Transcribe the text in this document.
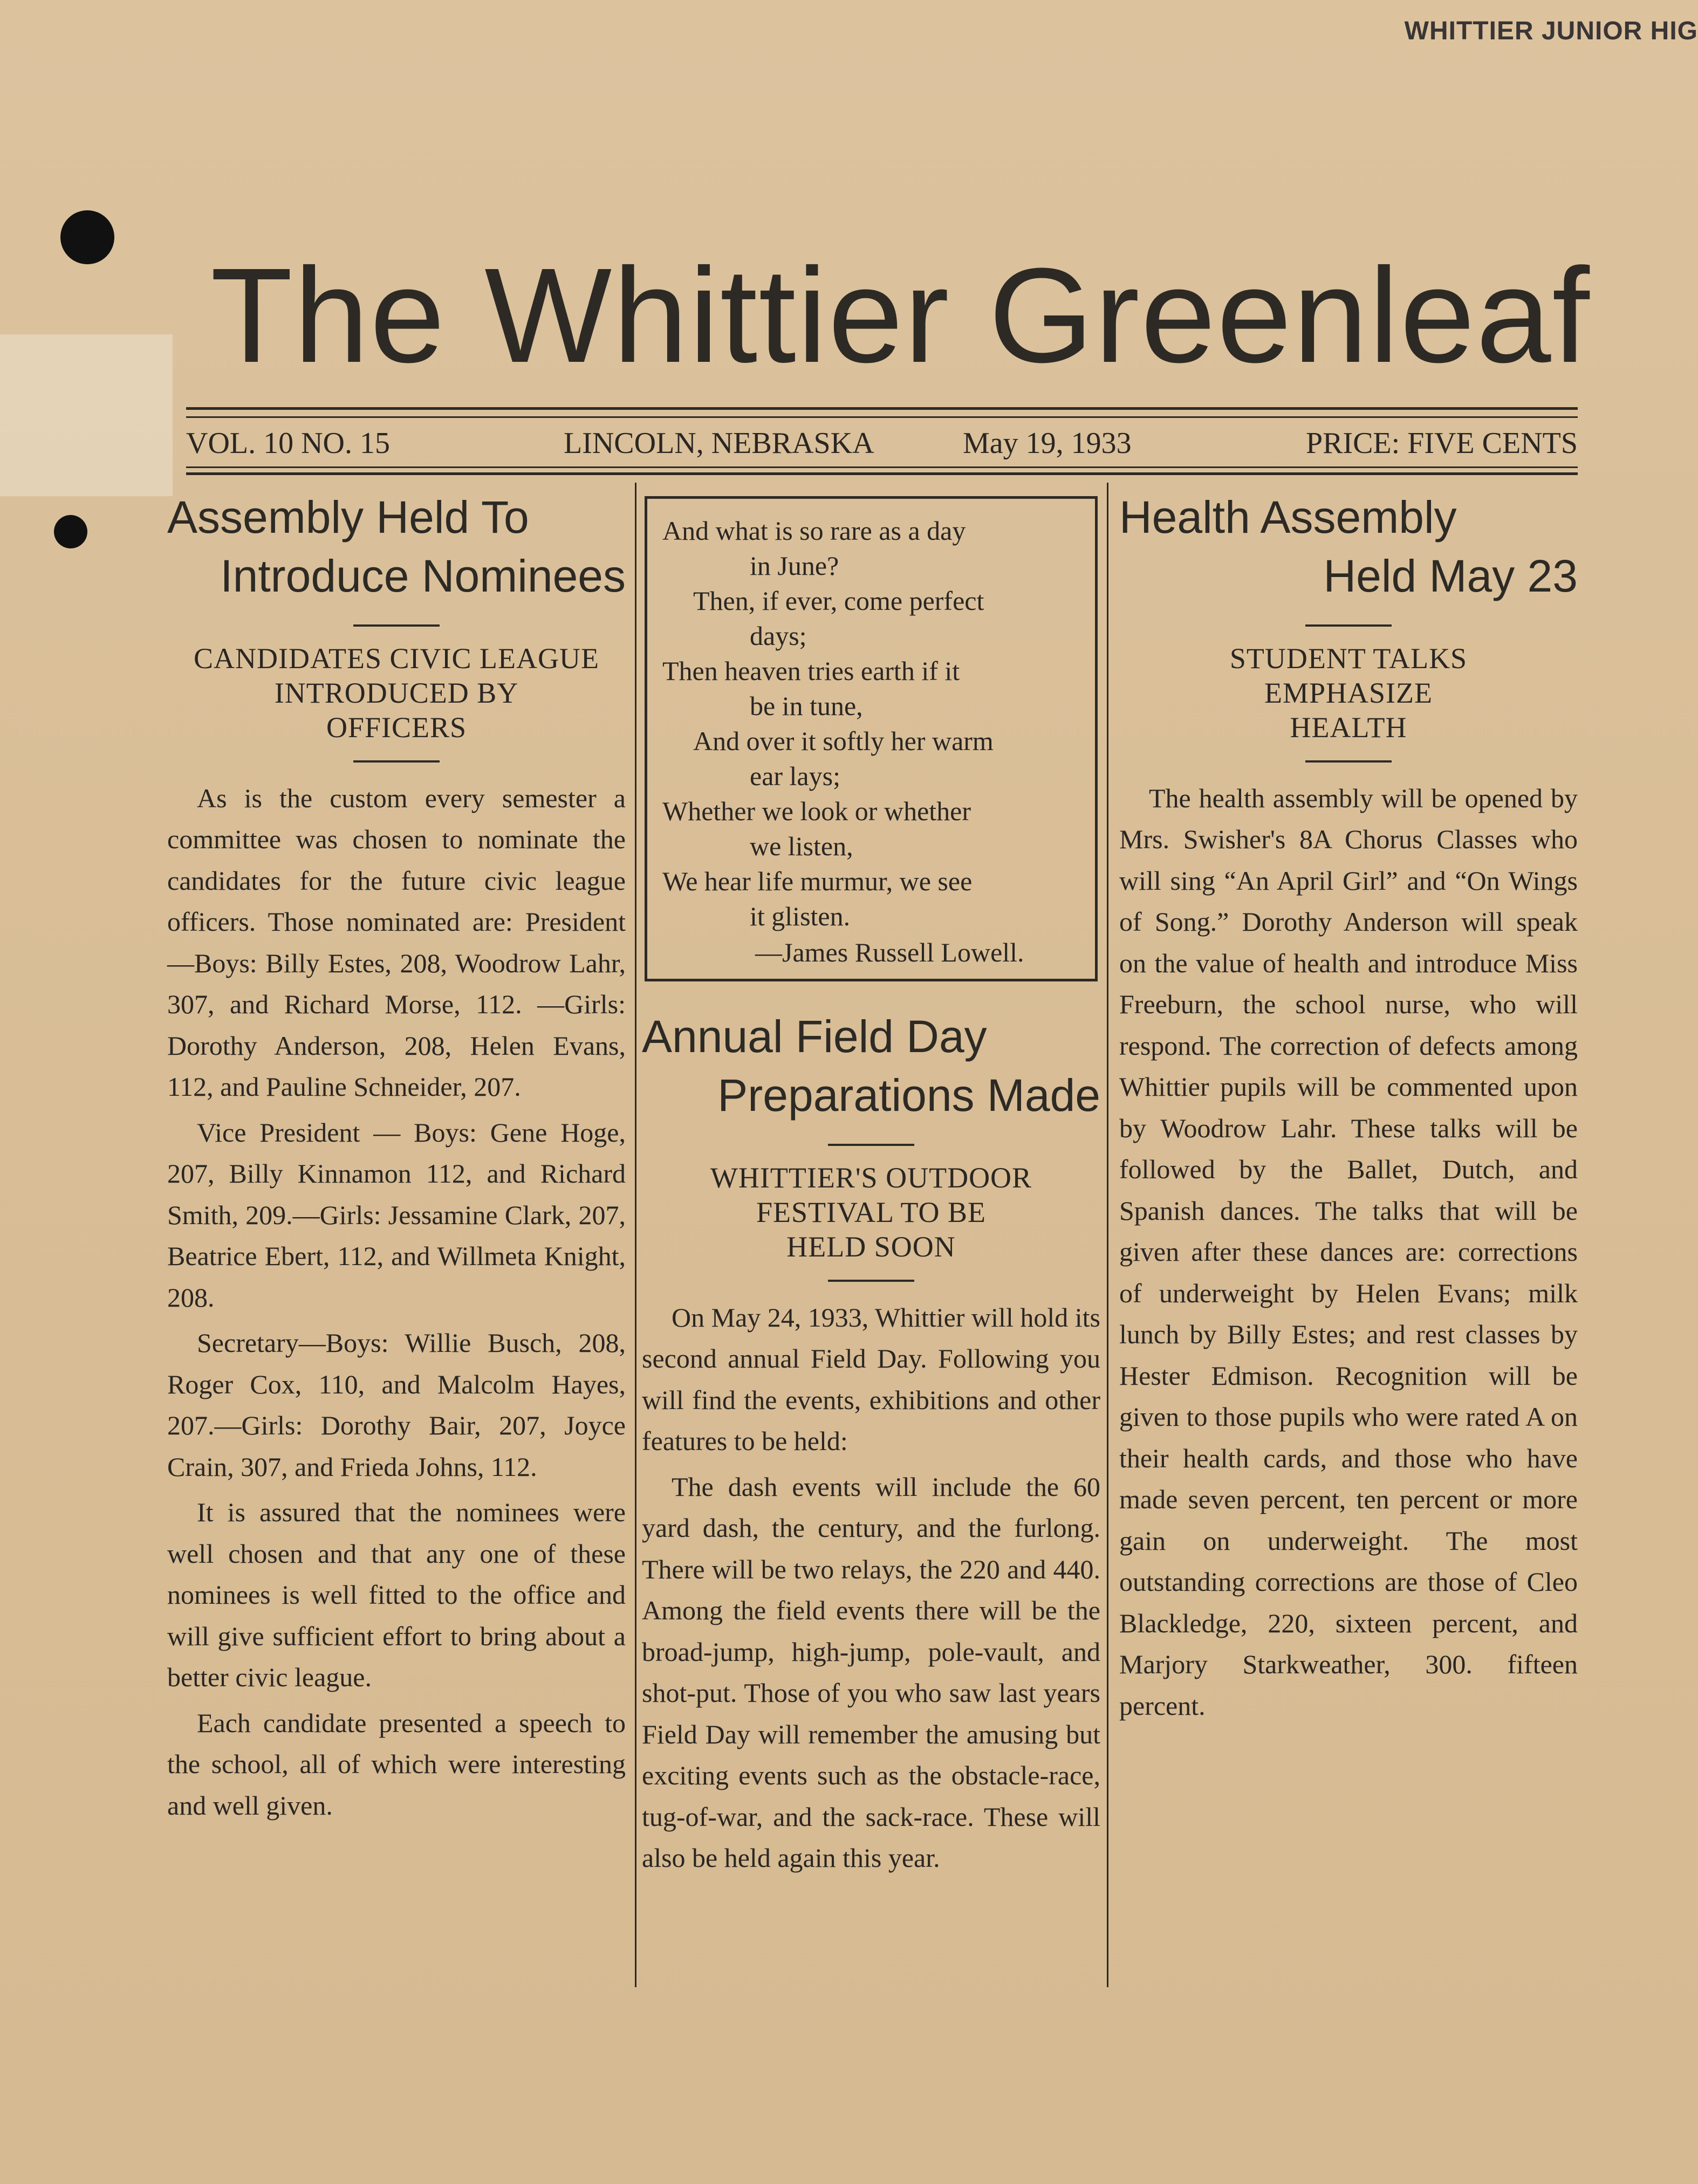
WHITTIER JUNIOR HIG
The Whittier Greenleaf
VOL. 10 NO. 15	LINCOLN, NEBRASKA	May 19, 1933	PRICE: FIVE CENTS
Assembly Held To
Introduce Nominees
CANDIDATES CIVIC LEAGUE
INTRODUCED BY
OFFICERS

As is the custom every semester a committee was chosen to nominate the candidates for the future civic league officers. Those nominated are: President—Boys: Billy Estes, 208, Woodrow Lahr, 307, and Richard Morse, 112. —Girls: Dorothy Anderson, 208, Helen Evans, 112, and Pauline Schneider, 207.

Vice President — Boys: Gene Hoge, 207, Billy Kinnamon 112, and Richard Smith, 209.—Girls: Jessamine Clark, 207, Beatrice Ebert, 112, and Willmeta Knight, 208.

Secretary—Boys: Willie Busch, 208, Roger Cox, 110, and Malcolm Hayes, 207.—Girls: Dorothy Bair, 207, Joyce Crain, 307, and Frieda Johns, 112.

It is assured that the nominees were well chosen and that any one of these nominees is well fitted to the office and will give sufficient effort to bring about a better civic league.

Each candidate presented a speech to the school, all of which were interesting and well given.

And what is so rare as a day
in June?
Then, if ever, come perfect
days;
Then heaven tries earth if it
be in tune,
And over it softly her warm
ear lays;
Whether we look or whether
we listen,
We hear life murmur, we see
it glisten.
—James Russell Lowell.
Annual Field Day
Preparations Made
WHITTIER'S OUTDOOR
FESTIVAL TO BE
HELD SOON

On May 24, 1933, Whittier will hold its second annual Field Day. Following you will find the events, exhibitions and other features to be held:

The dash events will include the 60 yard dash, the century, and the furlong. There will be two relays, the 220 and 440. Among the field events there will be the broad-jump, high-jump, pole-vault, and shot-put. Those of you who saw last years Field Day will remember the amusing but exciting events such as the obstacle-race, tug-of-war, and the sack-race. These will also be held again this year.

Health Assembly
Held May 23
STUDENT TALKS
EMPHASIZE
HEALTH

The health assembly will be opened by Mrs. Swisher's 8A Chorus Classes who will sing “An April Girl” and “On Wings of Song.” Dorothy Anderson will speak on the value of health and introduce Miss Freeburn, the school nurse, who will respond. The correction of defects among Whittier pupils will be commented upon by Woodrow Lahr. These talks will be followed by the Ballet, Dutch, and Spanish dances. The talks that will be given after these dances are: corrections of underweight by Helen Evans; milk lunch by Billy Estes; and rest classes by Hester Edmison. Recognition will be given to those pupils who were rated A on their health cards, and those who have made seven percent, ten percent or more gain on underweight. The most outstanding corrections are those of Cleo Blackledge, 220, sixteen percent, and Marjory Starkweather, 300. fifteen percent.
